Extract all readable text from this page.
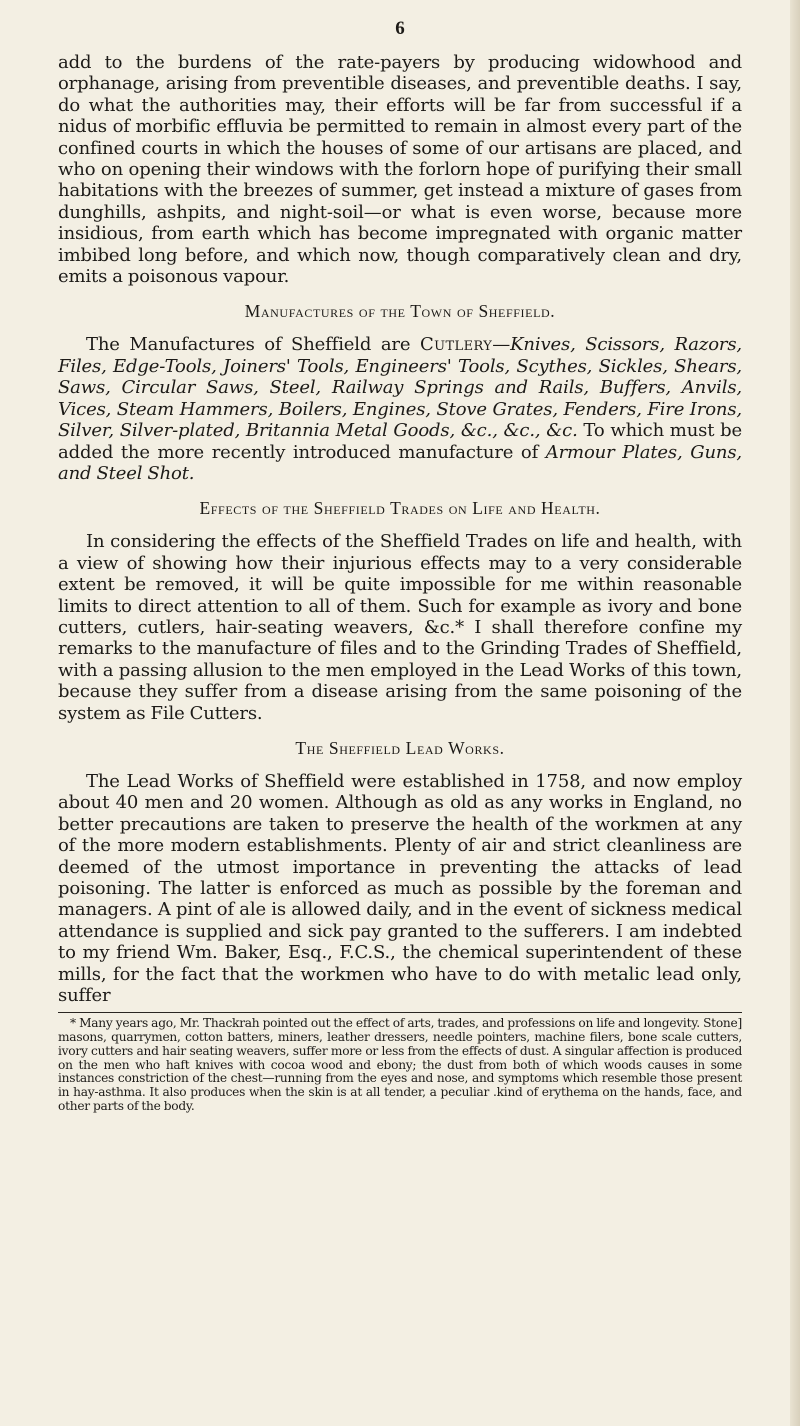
6

add to the burdens of the rate-payers by producing widowhood and orphanage, arising from preventible diseases, and preventible deaths. I say, do what the authorities may, their efforts will be far from successful if a nidus of morbific effluvia be permitted to remain in almost every part of the confined courts in which the houses of some of our artisans are placed, and who on opening their windows with the forlorn hope of purifying their small habitations with the breezes of summer, get instead a mixture of gases from dunghills, ashpits, and night-soil—or what is even worse, because more insidious, from earth which has become impregnated with organic matter imbibed long before, and which now, though comparatively clean and dry, emits a poisonous vapour.

Manufactures of the Town of Sheffield.

The Manufactures of Sheffield are Cutlery—Knives, Scissors, Razors, Files, Edge-Tools, Joiners' Tools, Engineers' Tools, Scythes, Sickles, Shears, Saws, Circular Saws, Steel, Railway Springs and Rails, Buffers, Anvils, Vices, Steam Hammers, Boilers, Engines, Stove Grates, Fenders, Fire Irons, Silver, Silver-plated, Britannia Metal Goods, &c., &c., &c. To which must be added the more recently introduced manufacture of Armour Plates, Guns, and Steel Shot.

Effects of the Sheffield Trades on Life and Health.

In considering the effects of the Sheffield Trades on life and health, with a view of showing how their injurious effects may to a very considerable extent be removed, it will be quite impossible for me within reasonable limits to direct attention to all of them. Such for example as ivory and bone cutters, cutlers, hair-seating weavers, &c.* I shall therefore confine my remarks to the manufacture of files and to the Grinding Trades of Sheffield, with a passing allusion to the men employed in the Lead Works of this town, because they suffer from a disease arising from the same poisoning of the system as File Cutters.

The Sheffield Lead Works.

The Lead Works of Sheffield were established in 1758, and now employ about 40 men and 20 women. Although as old as any works in England, no better precautions are taken to preserve the health of the workmen at any of the more modern establishments. Plenty of air and strict cleanliness are deemed of the utmost importance in preventing the attacks of lead poisoning. The latter is enforced as much as possible by the foreman and managers. A pint of ale is allowed daily, and in the event of sickness medical attendance is supplied and sick pay granted to the sufferers. I am indebted to my friend Wm. Baker, Esq., F.C.S., the chemical superintendent of these mills, for the fact that the workmen who have to do with metalic lead only, suffer

* Many years ago, Mr. Thackrah pointed out the effect of arts, trades, and professions on life and longevity. Stone] masons, quarrymen, cotton batters, miners, leather dressers, needle pointers, machine filers, bone scale cutters, ivory cutters and hair seating weavers, suffer more or less from the effects of dust. A singular affection is produced on the men who haft knives with cocoa wood and ebony; the dust from both of which woods causes in some instances constriction of the chest—running from the eyes and nose, and symptoms which resemble those present in hay-asthma. It also produces when the skin is at all tender, a peculiar .kind of erythema on the hands, face, and other parts of the body.
